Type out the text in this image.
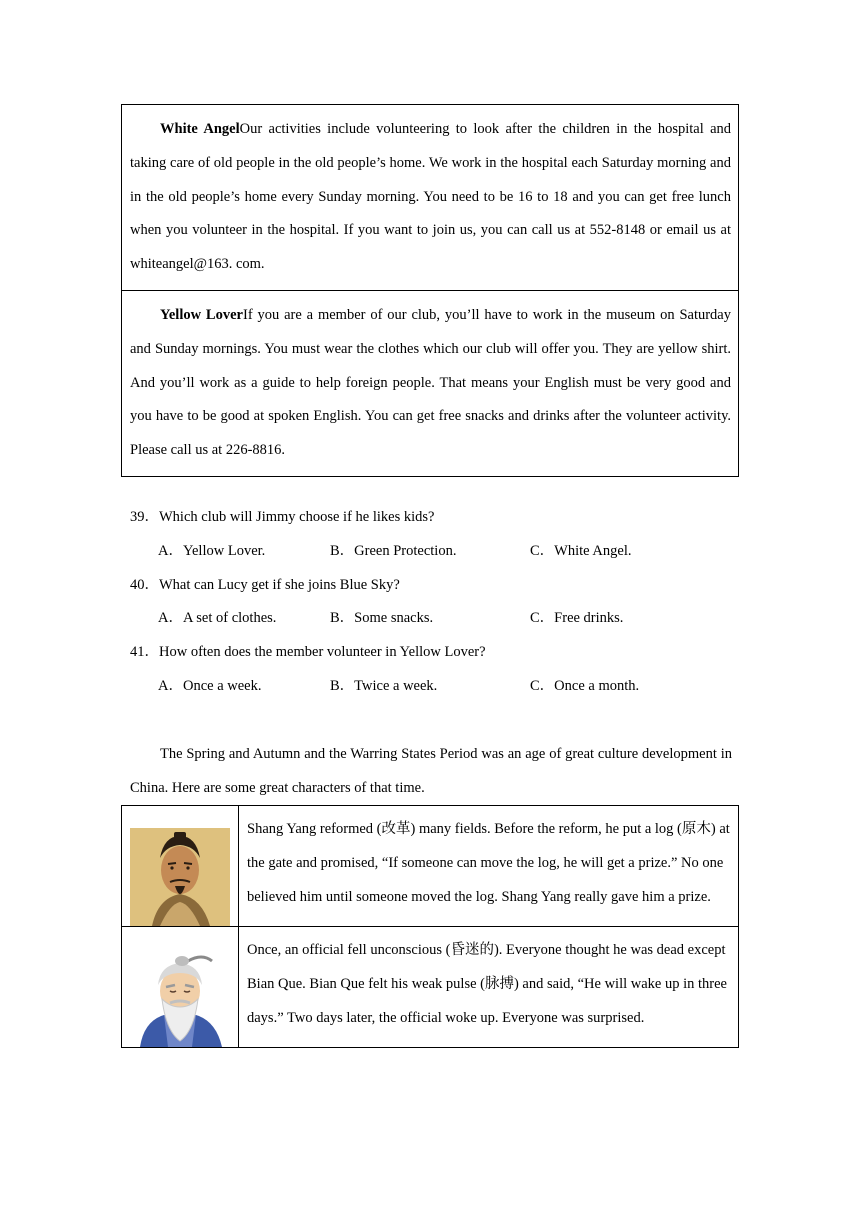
White AngelOur activities include volunteering to look after the children in the hospital and taking care of old people in the old people’s home. We work in the hospital each Saturday morning and in the old people’s home every Sunday morning. You need to be 16 to 18 and you can get free lunch when you volunteer in the hospital. If you want to join us, you can call us at 552-8148 or email us at whiteangel@163. com.
Yellow LoverIf you are a member of our club, you’ll have to work in the museum on Saturday and Sunday mornings. You must wear the clothes which our club will offer you. They are yellow shirt. And you’ll work as a guide to help foreign people. That means your English must be very good and you have to be good at spoken English. You can get free snacks and drinks after the volunteer activity. Please call us at 226-8816.
39．Which club will Jimmy choose if he likes kids?
A．Yellow Lover.	B．Green Protection.	C．White Angel.
40．What can Lucy get if she joins Blue Sky?
A．A set of clothes.	B．Some snacks.	C．Free drinks.
41．How often does the member volunteer in Yellow Lover?
A．Once a week.	B．Twice a week.	C．Once a month.
The Spring and Autumn and the Warring States Period was an age of great culture development in China. Here are some great characters of that time.
	Shang Yang reformed (改革) many fields. Before the reform, he put a log (原木) at the gate and promised, “If someone can move the log, he will get a prize.” No one believed him until someone moved the log. Shang Yang really gave him a prize.

	Once, an official fell unconscious (昏迷的). Everyone thought he was dead except Bian Que. Bian Que felt his weak pulse (脉搏) and said, “He will wake up in three days.” Two days later, the official woke up. Everyone was surprised.
